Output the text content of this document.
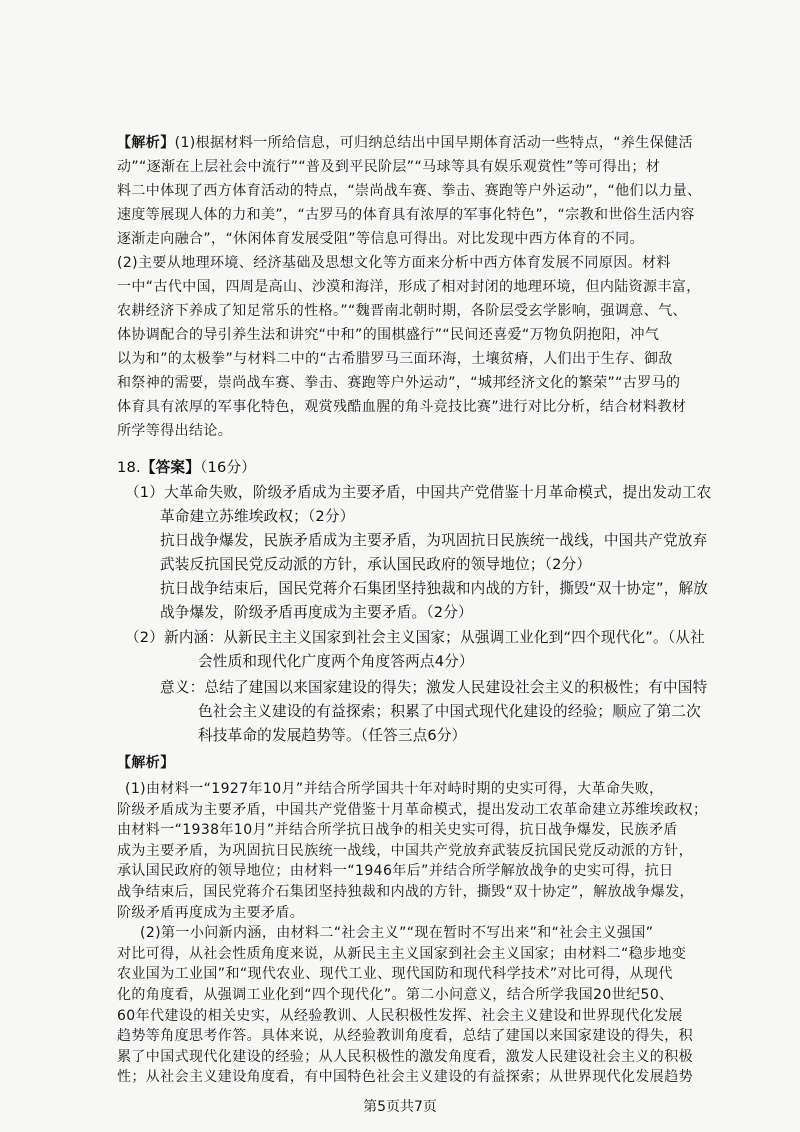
【解析】(1)根据材料一所给信息，可归纳总结出中国早期体育活动一些特点，“养生保健活
动”“逐渐在上层社会中流行”“普及到平民阶层”“马球等具有娱乐观赏性”等可得出；材
料二中体现了西方体育活动的特点，“崇尚战车赛、拳击、赛跑等户外运动”，“他们以力量、
速度等展现人体的力和美”，“古罗马的体育具有浓厚的军事化特色”，“宗教和世俗生活内容
逐渐走向融合”，“休闲体育发展受阻”等信息可得出。对比发现中西方体育的不同。
(2)主要从地理环境、经济基础及思想文化等方面来分析中西方体育发展不同原因。材料
一中“古代中国，四周是高山、沙漠和海洋，形成了相对封闭的地理环境，但内陆资源丰富，
农耕经济下养成了知足常乐的性格。”“魏晋南北朝时期，各阶层受玄学影响，强调意、气、
体协调配合的导引养生法和讲究“中和”的围棋盛行”“民间还喜爱“万物负阴抱阳，冲气
以为和”的太极拳”与材料二中的“古希腊罗马三面环海，土壤贫瘠，人们出于生存、御敌
和祭神的需要，崇尚战车赛、拳击、赛跑等户外运动”，“城邦经济文化的繁荣”“古罗马的
体育具有浓厚的军事化特色，观赏残酷血腥的角斗竞技比赛”进行对比分析，结合材料教材
所学等得出结论。
18.【答案】（16分）
（1）大革命失败，阶级矛盾成为主要矛盾，中国共产党借鉴十月革命模式，提出发动工农
革命建立苏维埃政权；（2分）
抗日战争爆发，民族矛盾成为主要矛盾，为巩固抗日民族统一战线，中国共产党放弃
武装反抗国民党反动派的方针，承认国民政府的领导地位；（2分）
抗日战争结束后，国民党蒋介石集团坚持独裁和内战的方针，撕毁“双十协定”，解放
战争爆发，阶级矛盾再度成为主要矛盾。（2分）
（2）新内涵：从新民主主义国家到社会主义国家；从强调工业化到“四个现代化”。（从社
会性质和现代化广度两个角度答两点4分）
意义：总结了建国以来国家建设的得失；激发人民建设社会主义的积极性；有中国特
色社会主义建设的有益探索；积累了中国式现代化建设的经验；顺应了第二次
科技革命的发展趋势等。（任答三点6分）
【解析】
(1)由材料一“1927年10月”并结合所学国共十年对峙时期的史实可得，大革命失败，
阶级矛盾成为主要矛盾，中国共产党借鉴十月革命模式，提出发动工农革命建立苏维埃政权；
由材料一“1938年10月”并结合所学抗日战争的相关史实可得，抗日战争爆发，民族矛盾
成为主要矛盾，为巩固抗日民族统一战线，中国共产党放弃武装反抗国民党反动派的方针，
承认国民政府的领导地位；由材料一“1946年后”并结合所学解放战争的史实可得，抗日
战争结束后，国民党蒋介石集团坚持独裁和内战的方针，撕毁“双十协定”，解放战争爆发，
阶级矛盾再度成为主要矛盾。
(2)第一小问新内涵，由材料二“社会主义”“现在暂时不写出来”和“社会主义强国”
对比可得，从社会性质角度来说，从新民主主义国家到社会主义国家；由材料二“稳步地变
农业国为工业国”和“现代农业、现代工业、现代国防和现代科学技术”对比可得，从现代
化的角度看，从强调工业化到“四个现代化”。第二小问意义，结合所学我国20世纪50、
60年代建设的相关史实，从经验教训、人民积极性发挥、社会主义建设和世界现代化发展
趋势等角度思考作答。具体来说，从经验教训角度看，总结了建国以来国家建设的得失，积
累了中国式现代化建设的经验；从人民积极性的激发角度看，激发人民建设社会主义的积极
性；从社会主义建设角度看，有中国特色社会主义建设的有益探索；从世界现代化发展趋势
第5页共7页
